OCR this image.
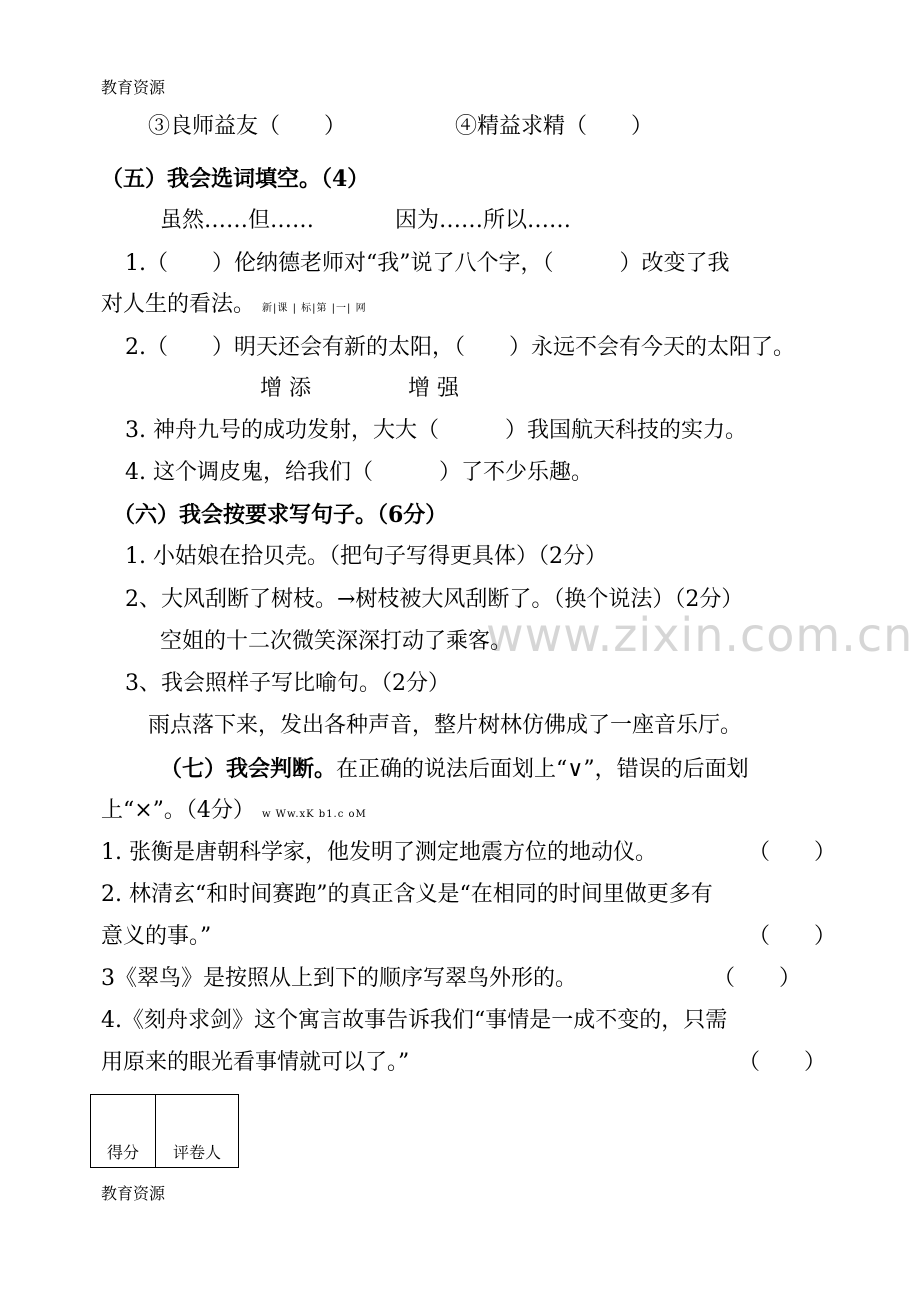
教育资源
③良师益友（　　）	④精益求精（　　）
（五）我会选词填空。（4）
虽然……但……	因为……所以……
1.（　　）伦纳德老师对“我”说了八个字，（　　　）改变了我
对人生的看法。 新|课 | 标|第 |一| 网
2.（　　）明天还会有新的太阳，（　　）永远不会有今天的太阳了。
增 添	增 强
3. 神舟九号的成功发射，大大（　　　）我国航天科技的实力。
4. 这个调皮鬼，给我们（　　　）了不少乐趣。
（六）我会按要求写句子。（6分）
1. 小姑娘在拾贝壳。（把句子写得更具体）（2分）
2、大风刮断了树枝。→树枝被大风刮断了。（换个说法）（2分）
www.zixin.com.cn
空姐的十二次微笑深深打动了乘客。
3、我会照样子写比喻句。（2分）
雨点落下来，发出各种声音，整片树林仿佛成了一座音乐厅。
（七）我会判断。在正确的说法后面划上“∨”，错误的后面划
上“×”。（4分） w Ww.xK b1.c oM
1. 张衡是唐朝科学家，他发明了测定地震方位的地动仪。	（　　）
2. 林清玄“和时间赛跑”的真正含义是“在相同的时间里做更多有
意义的事。”	（　　）
3《翠鸟》是按照从上到下的顺序写翠鸟外形的。	（　　）
4.《刻舟求剑》这个寓言故事告诉我们“事情是一成不变的，只需
用原来的眼光看事情就可以了。”	（　　）
得分	评卷人
教育资源
